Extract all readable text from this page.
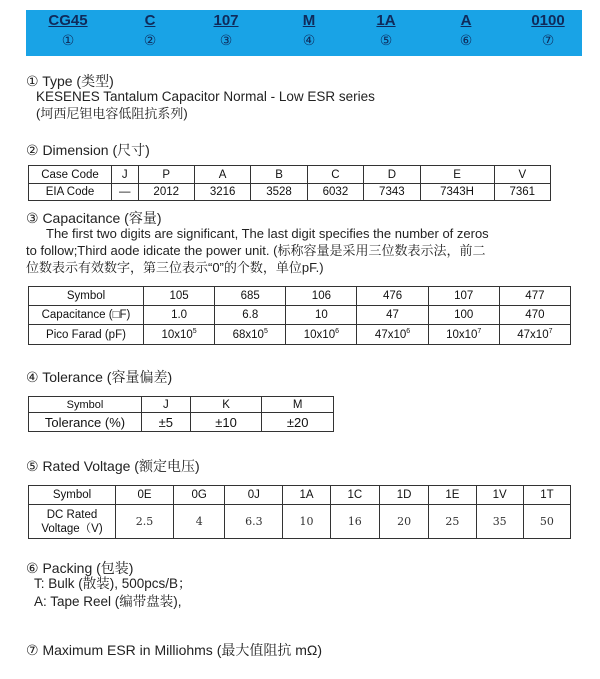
CG45
①
C
②
107
③
M
④
1A
⑤
A
⑥
0100
⑦
① Type (类型)
KESENES Tantalum Capacitor Normal - Low ESR series
(坷西尼钽电容低阻抗系列)
② Dimension (尺寸)
Case Code	J	P	A	B	C	D	E	V
EIA Code	—	2012	3216	3528	6032	7343	7343H	7361
③ Capacitance (容量)
The first two digits are significant, The last digit specifies the number of zeros
to follow;Third aode idicate the power unit. (标称容量是采用三位数表示法，前二
位数表示有效数字，第三位表示“0”的个数，单位pF.)
Symbol	105	685	106	476	107	477
Capacitance (□F)	1.0	6.8	10	47	100	470
Pico Farad (pF)	$10x10^5$	$68x10^5$	$10x10^6$	$47x10^6$	$10x10^7$	$47x10^7$
④ Tolerance (容量偏差)
Symbol	J	K	M
Tolerance (%)	±5	±10	±20
⑤ Rated Voltage (额定电压)
Symbol	0E	0G	0J	1A	1C	1D	1E	1V	1T
DC Rated
Voltage（V)	2.5	4	6.3	10	16	20	25	35	50
⑥ Packing (包装)
T: Bulk (散装), 500pcs/B；
A: Tape Reel (编带盘装),
⑦ Maximum ESR in Milliohms (最大值阻抗 mΩ)
